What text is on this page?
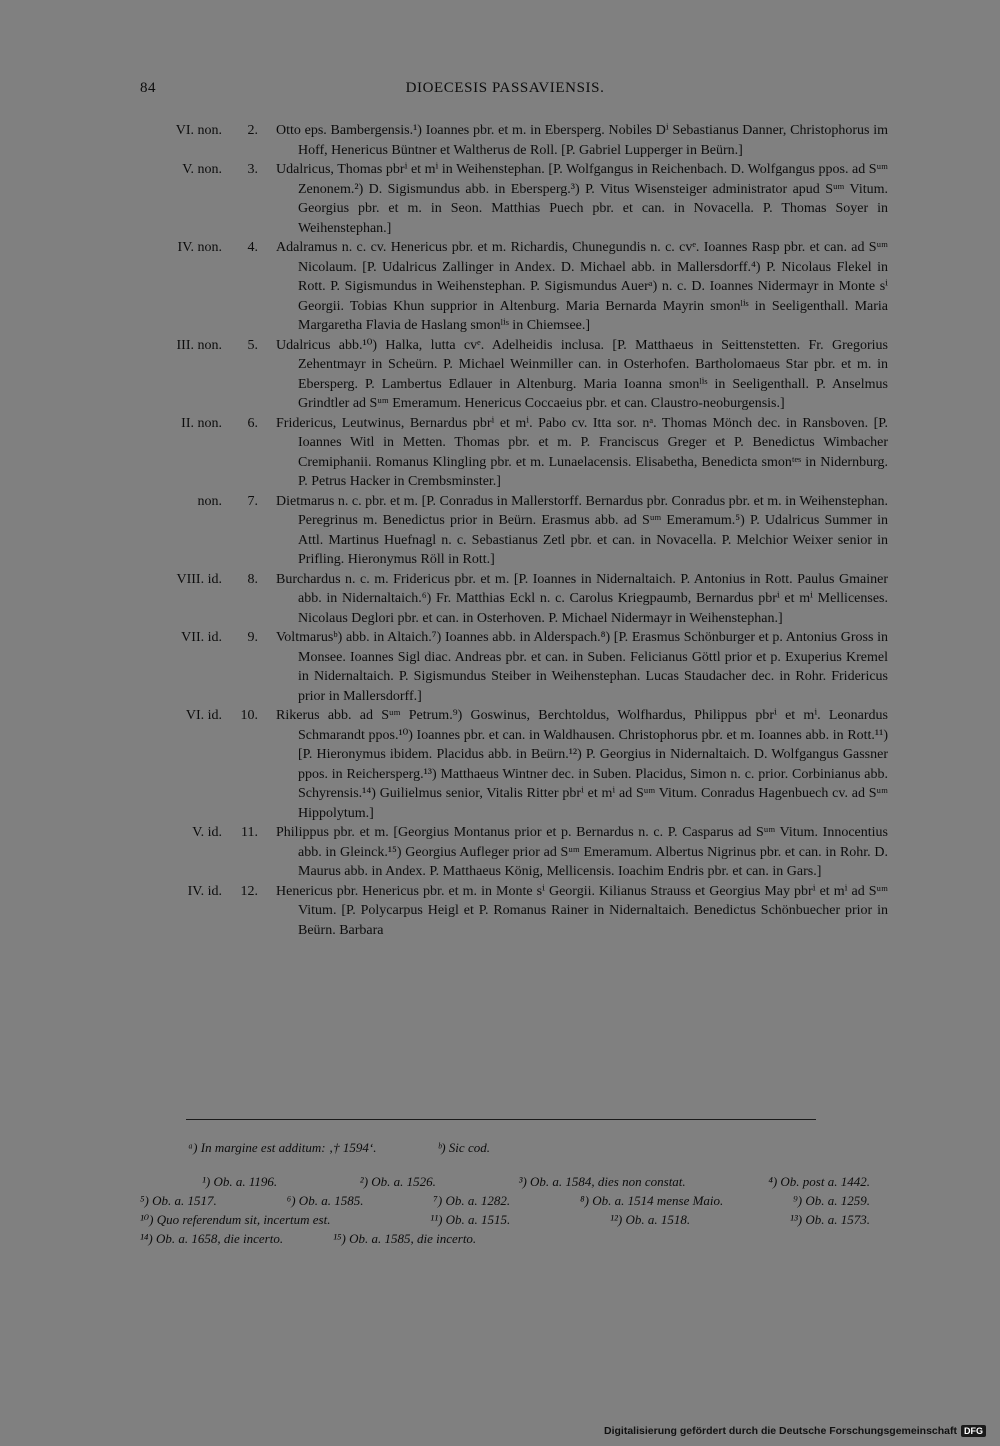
84	DIOECESIS PASSAVIENSIS.
VI. non.	2. Otto eps. Bambergensis.¹) Ioannes pbr. et m. in Ebersperg. Nobiles Dⁱ Sebastianus Danner, Christophorus im Hoff, Henericus Büntner et Waltherus de Roll. [P. Gabriel Lupperger in Beürn.]
V. non.	3. Udalricus, Thomas pbrⁱ et mⁱ in Weihenstephan. [P. Wolfgangus in Reichenbach. D. Wolfgangus ppos. ad Sᵘᵐ Zenonem.²) D. Sigismundus abb. in Ebersperg.³) P. Vitus Wisensteiger administrator apud Sᵘᵐ Vitum. Georgius pbr. et m. in Seon. Matthias Puech pbr. et can. in Novacella. P. Thomas Soyer in Weihenstephan.]
IV. non.	4. Adalramus n. c. cv. Henericus pbr. et m. Richardis, Chunegundis n. c. cvᵉ. Ioannes Rasp pbr. et can. ad Sᵘᵐ Nicolaum. [P. Udalricus Zallinger in Andex. D. Michael abb. in Mallersdorff.⁴) P. Nicolaus Flekel in Rott. P. Sigismundus in Weihenstephan. P. Sigismundus Auerᵃ) n. c. D. Ioannes Nidermayr in Monte sⁱ Georgii. Tobias Khun supprior in Altenburg. Maria Bernarda Mayrin smonˡⁱˢ in Seeligenthall. Maria Margaretha Flavia de Haslang smonˡⁱˢ in Chiemsee.]
III. non.	5. Udalricus abb.¹⁰) Halka, lutta cvᵉ. Adelheidis inclusa. [P. Matthaeus in Seittenstetten. Fr. Gregorius Zehentmayr in Scheürn. P. Michael Weinmiller can. in Osterhofen. Bartholomaeus Star pbr. et m. in Ebersperg. P. Lambertus Edlauer in Altenburg. Maria Ioanna smonˡⁱˢ in Seeligenthall. P. Anselmus Grindtler ad Sᵘᵐ Emeramum. Henericus Coccaeius pbr. et can. Claustro-neoburgensis.]
II. non.	6. Fridericus, Leutwinus, Bernardus pbrⁱ et mⁱ. Pabo cv. Itta sor. nᵃ. Thomas Mönch dec. in Ransboven. [P. Ioannes Witl in Metten. Thomas pbr. et m. P. Franciscus Greger et P. Benedictus Wimbacher Cremiphanii. Romanus Klingling pbr. et m. Lunaelacensis. Elisabetha, Benedicta smonᵗᵉˢ in Nidernburg. P. Petrus Hacker in Crembsminster.]
non.	7. Dietmarus n. c. pbr. et m. [P. Conradus in Mallerstorff. Bernardus pbr. Conradus pbr. et m. in Weihenstephan. Peregrinus m. Benedictus prior in Beürn. Erasmus abb. ad Sᵘᵐ Emeramum.⁵) P. Udalricus Summer in Attl. Martinus Huefnagl n. c. Sebastianus Zetl pbr. et can. in Novacella. P. Melchior Weixer senior in Prifling. Hieronymus Röll in Rott.]
VIII. id.	8. Burchardus n. c. m. Fridericus pbr. et m. [P. Ioannes in Nidernaltaich. P. Antonius in Rott. Paulus Gmainer abb. in Nidernaltaich.⁶) Fr. Matthias Eckl n. c. Carolus Kriegpaumb, Bernardus pbrⁱ et mⁱ Mellicenses. Nicolaus Deglori pbr. et can. in Osterhoven. P. Michael Nidermayr in Weihenstephan.]
VII. id.	9. Voltmarusᵇ) abb. in Altaich.⁷) Ioannes abb. in Alderspach.⁸) [P. Erasmus Schönburger et p. Antonius Gross in Monsee. Ioannes Sigl diac. Andreas pbr. et can. in Suben. Felicianus Göttl prior et p. Exuperius Kremel in Nidernaltaich. P. Sigismundus Steiber in Weihenstephan. Lucas Staudacher dec. in Rohr. Fridericus prior in Mallersdorff.]
VI. id.	10. Rikerus abb. ad Sᵘᵐ Petrum.⁹) Goswinus, Berchtoldus, Wolfhardus, Philippus pbrⁱ et mⁱ. Leonardus Schmarandt ppos.¹⁰) Ioannes pbr. et can. in Waldhausen. Christophorus pbr. et m. Ioannes abb. in Rott.¹¹) [P. Hieronymus ibidem. Placidus abb. in Beürn.¹²) P. Georgius in Nidernaltaich. D. Wolfgangus Gassner ppos. in Reichersperg.¹³) Matthaeus Wintner dec. in Suben. Placidus, Simon n. c. prior. Corbinianus abb. Schyrensis.¹⁴) Guilielmus senior, Vitalis Ritter pbrⁱ et mⁱ ad Sᵘᵐ Vitum. Conradus Hagenbuech cv. ad Sᵘᵐ Hippolytum.]
V. id.	11. Philippus pbr. et m. [Georgius Montanus prior et p. Bernardus n. c. P. Casparus ad Sᵘᵐ Vitum. Innocentius abb. in Gleinck.¹⁵) Georgius Aufleger prior ad Sᵘᵐ Emeramum. Albertus Nigrinus pbr. et can. in Rohr. D. Maurus abb. in Andex. P. Matthaeus König, Mellicensis. Ioachim Endris pbr. et can. in Gars.]
IV. id.	12. Henericus pbr. Henericus pbr. et m. in Monte sⁱ Georgii. Kilianus Strauss et Georgius May pbrⁱ et mⁱ ad Sᵘᵐ Vitum. [P. Polycarpus Heigl et P. Romanus Rainer in Nidernaltaich. Benedictus Schönbuecher prior in Beürn. Barbara
ᵃ) In margine est additum: ‚† 1594‘.	ᵇ) Sic cod.
¹) Ob. a. 1196.	²) Ob. a. 1526.	³) Ob. a. 1584, dies non constat.	⁴) Ob. post a. 1442.
⁵) Ob. a. 1517.	⁶) Ob. a. 1585.	⁷) Ob. a. 1282.	⁸) Ob. a. 1514 mense Maio.	⁹) Ob. a. 1259.
¹⁰) Quo referendum sit, incertum est.	¹¹) Ob. a. 1515.	¹²) Ob. a. 1518.	¹³) Ob. a. 1573.
¹⁴) Ob. a. 1658, die incerto.	¹⁵) Ob. a. 1585, die incerto.
Digitalisierung gefördert durch die Deutsche Forschungsgemeinschaft DFG
